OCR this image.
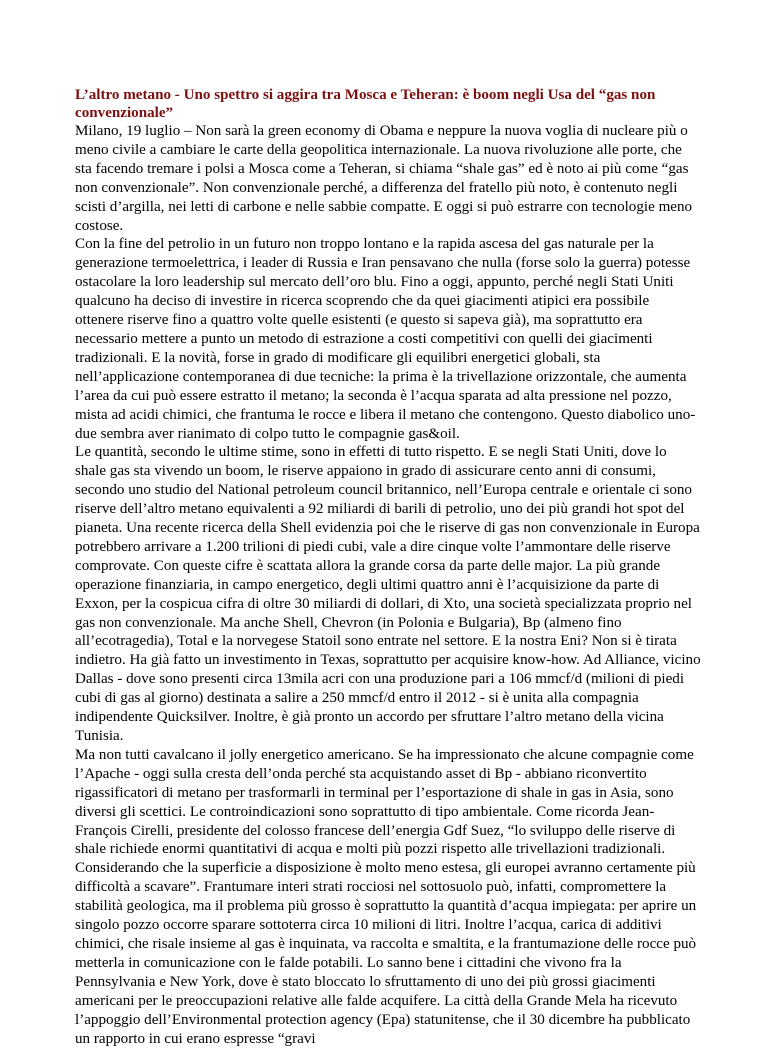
L’altro metano - Uno spettro si aggira tra Mosca e Teheran: è boom negli Usa del “gas non convenzionale”

Milano, 19 luglio – Non sarà la green economy di Obama e neppure la nuova voglia di nucleare più o meno civile a cambiare le carte della geopolitica internazionale. La nuova rivoluzione alle porte, che sta facendo tremare i polsi a Mosca come a Teheran, si chiama “shale gas” ed è noto ai più come “gas non convenzionale”. Non convenzionale perché, a differenza del fratello più noto, è contenuto negli scisti d’argilla, nei letti di carbone e nelle sabbie compatte. E oggi si può estrarre con tecnologie meno costose.

Con la fine del petrolio in un futuro non troppo lontano e la rapida ascesa del gas naturale per la generazione termoelettrica, i leader di Russia e Iran pensavano che nulla (forse solo la guerra) potesse ostacolare la loro leadership sul mercato dell’oro blu. Fino a oggi, appunto, perché negli Stati Uniti qualcuno ha deciso di investire in ricerca scoprendo che da quei giacimenti atipici era possibile ottenere riserve fino a quattro volte quelle esistenti (e questo si sapeva già), ma soprattutto era necessario mettere a punto un metodo di estrazione a costi competitivi con quelli dei giacimenti tradizionali. E la novità, forse in grado di modificare gli equilibri energetici globali, sta nell’applicazione contemporanea di due tecniche: la prima è la trivellazione orizzontale, che aumenta l’area da cui può essere estratto il metano; la seconda è l’acqua sparata ad alta pressione nel pozzo, mista ad acidi chimici, che frantuma le rocce e libera il metano che contengono. Questo diabolico uno-due sembra aver rianimato di colpo tutto le compagnie gas&oil.

Le quantità, secondo le ultime stime, sono in effetti di tutto rispetto. E se negli Stati Uniti, dove lo shale gas sta vivendo un boom, le riserve appaiono in grado di assicurare cento anni di consumi, secondo uno studio del National petroleum council britannico, nell’Europa centrale e orientale ci sono riserve dell’altro metano equivalenti a 92 miliardi di barili di petrolio, uno dei più grandi hot spot del pianeta. Una recente ricerca della Shell evidenzia poi che le riserve di gas non convenzionale in Europa potrebbero arrivare a 1.200 trilioni di piedi cubi, vale a dire cinque volte l’ammontare delle riserve comprovate. Con queste cifre è scattata allora la grande corsa da parte delle major. La più grande operazione finanziaria, in campo energetico, degli ultimi quattro anni è l’acquisizione da parte di Exxon, per la cospicua cifra di oltre 30 miliardi di dollari, di Xto, una società specializzata proprio nel gas non convenzionale. Ma anche Shell, Chevron (in Polonia e Bulgaria), Bp (almeno fino all’ecotragedia), Total e la norvegese Statoil sono entrate nel settore. E la nostra Eni? Non si è tirata indietro. Ha già fatto un investimento in Texas, soprattutto per acquisire know-how. Ad Alliance, vicino Dallas - dove sono presenti circa 13mila acri con una produzione pari a 106 mmcf/d (milioni di piedi cubi di gas al giorno) destinata a salire a 250 mmcf/d entro il 2012 - si è unita alla compagnia indipendente Quicksilver. Inoltre, è già pronto un accordo per sfruttare l’altro metano della vicina Tunisia.

Ma non tutti cavalcano il jolly energetico americano. Se ha impressionato che alcune compagnie come l’Apache - oggi sulla cresta dell’onda perché sta acquistando asset di Bp - abbiano riconvertito rigassificatori di metano per trasformarli in terminal per l’esportazione di shale in gas in Asia, sono diversi gli scettici. Le controindicazioni sono soprattutto di tipo ambientale. Come ricorda Jean-François Cirelli, presidente del colosso francese dell’energia Gdf Suez, “lo sviluppo delle riserve di shale richiede enormi quantitativi di acqua e molti più pozzi rispetto alle trivellazioni tradizionali. Considerando che la superficie a disposizione è molto meno estesa, gli europei avranno certamente più difficoltà a scavare”. Frantumare interi strati rocciosi nel sottosuolo può, infatti, compromettere la stabilità geologica, ma il problema più grosso è soprattutto la quantità d’acqua impiegata: per aprire un singolo pozzo occorre sparare sottoterra circa 10 milioni di litri. Inoltre l’acqua, carica di additivi chimici, che risale insieme al gas è inquinata, va raccolta e smaltita, e la frantumazione delle rocce può metterla in comunicazione con le falde potabili. Lo sanno bene i cittadini che vivono fra la Pennsylvania e New York, dove è stato bloccato lo sfruttamento di uno dei più grossi giacimenti americani per le preoccupazioni relative alle falde acquifere. La città della Grande Mela ha ricevuto l’appoggio dell’Environmental protection agency (Epa) statunitense, che il 30 dicembre ha pubblicato un rapporto in cui erano espresse “gravi
